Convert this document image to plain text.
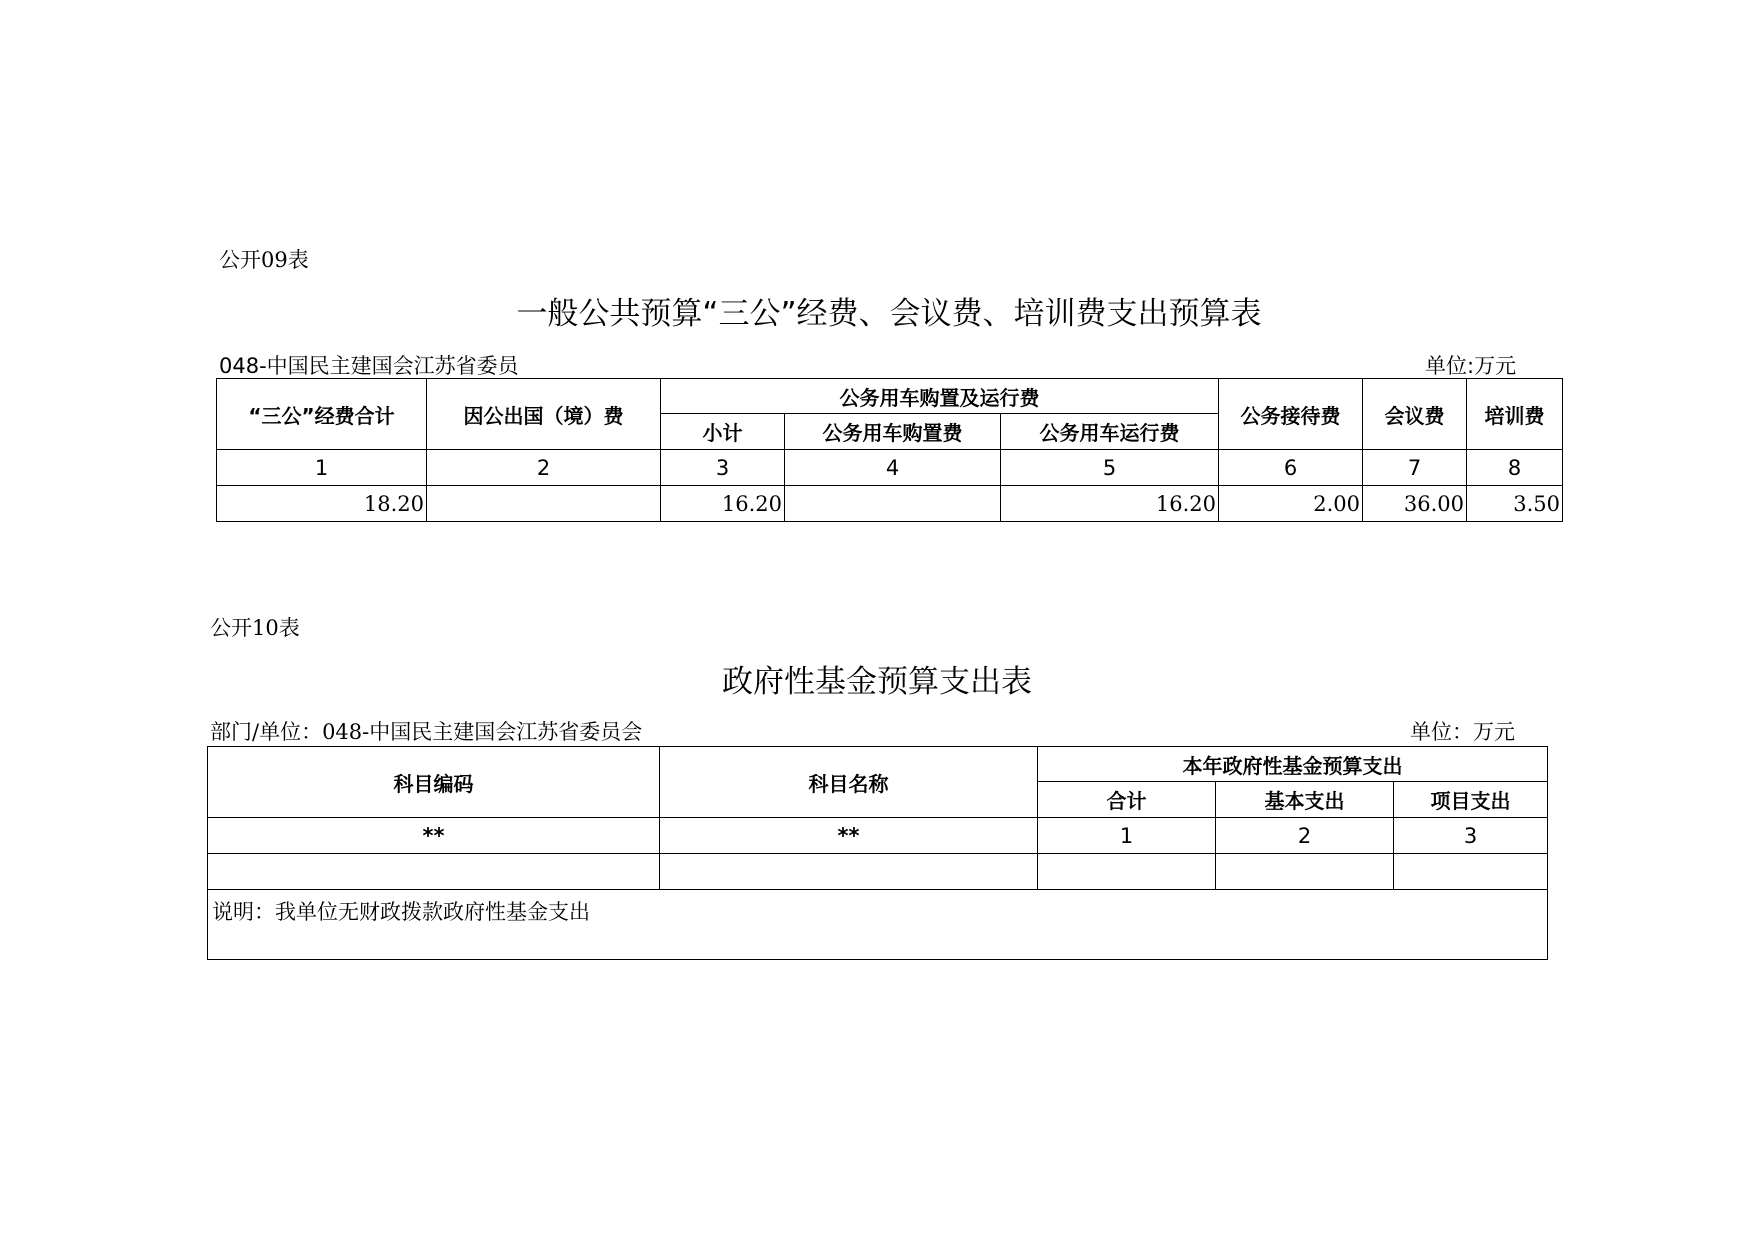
公开09表
一般公共预算“三公”经费、会议费、培训费支出预算表
048-中国民主建国会江苏省委员	单位:万元
“三公”经费合计	因公出国（境）费	公务用车购置及运行费			公务接待费	会议费	培训费
		小计	公务用车购置费	公务用车运行费			
1	2	3	4	5	6	7	8
18.20		16.20		16.20	2.00	36.00	3.50
公开10表
政府性基金预算支出表
部门/单位：048-中国民主建国会江苏省委员会	单位：万元
科目编码	科目名称	本年政府性基金预算支出		
		合计	基本支出	项目支出
**	**	1	2	3

说明：我单位无财政拨款政府性基金支出				
